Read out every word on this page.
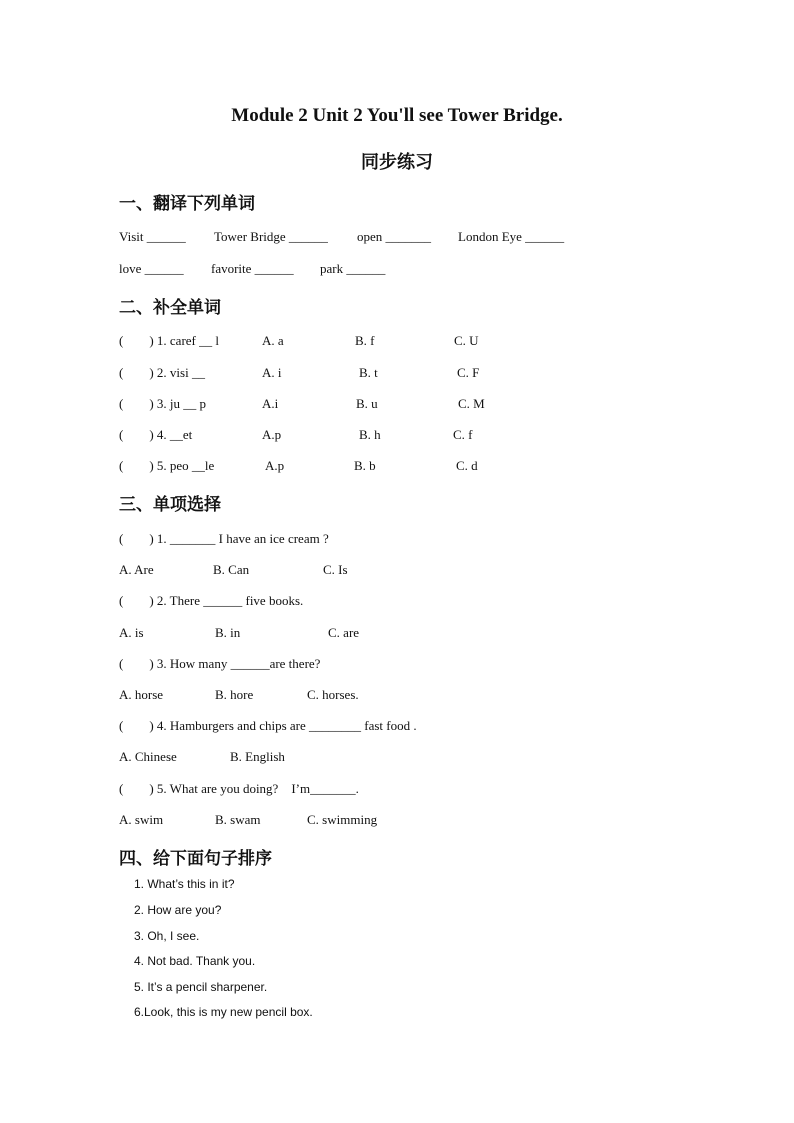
Module 2 Unit 2 You'll see Tower Bridge.
同步练习
一、翻译下列单词
Visit ______ Tower Bridge ______ open _______ London Eye ______
love ______ favorite ______ park ______
二、补全单词
(        ) 1. caref __ l	A. a	B. f	C. U
(        ) 2. visi __	A. i	B. t	C. F
(        ) 3. ju __ p	A.i	B. u	C. M
(        ) 4. __et	A.p	B. h	C. f
(        ) 5. peo __le	A.p	B. b	C. d
三、单项选择
(        ) 1. _______ I have an ice cream ?
A. Are	B. Can	C. Is
(        ) 2. There ______ five books.
A. is	B. in	C. are
(        ) 3. How many ______are there?
A. horse	B. hore	C. horses.
(        ) 4. Hamburgers and chips are ________ fast food .
A. Chinese	B. English
(        ) 5. What are you doing?    I’m_______.
A. swim	B. swam	C. swimming
四、给下面句子排序
1. What’s this in it?
2. How are you?
3. Oh, I see.
4. Not bad. Thank you.
5. It’s a pencil sharpener.
6.Look, this is my new pencil box.
